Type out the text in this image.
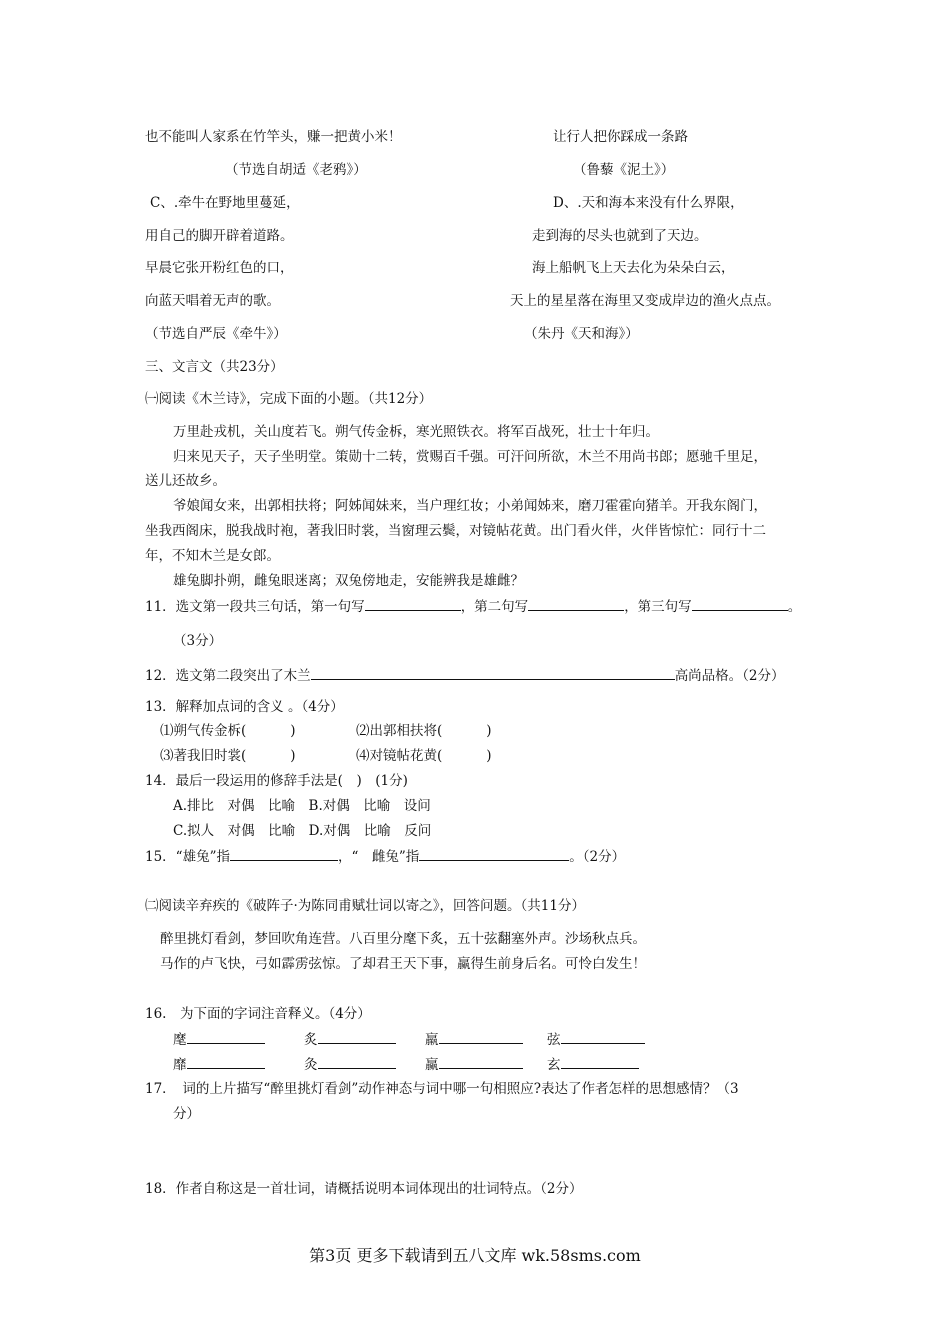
也不能叫人家系在竹竿头，赚一把黄小米！	让行人把你踩成一条路
（节选自胡适《老鸦》）	（鲁藜《泥土》）
C、.牵牛在野地里蔓延，
用自己的脚开辟着道路。
早晨它张开粉红色的口，
向蓝天唱着无声的歌。
（节选自严辰《牵牛》）
D、.天和海本来没有什么界限，
走到海的尽头也就到了天边。
海上船帆飞上天去化为朵朵白云，
天上的星星落在海里又变成岸边的渔火点点。
（朱丹《天和海》）
三、文言文（共23分）
㈠阅读《木兰诗》，完成下面的小题。（共12分）
万里赴戎机，关山度若飞。朔气传金柝，寒光照铁衣。将军百战死，壮士十年归。
归来见天子，天子坐明堂。策勋十二转，赏赐百千强。可汗问所欲，木兰不用尚书郎；愿驰千里足，
送儿还故乡。
爷娘闻女来，出郭相扶将；阿姊闻妹来，当户理红妆；小弟闻姊来，磨刀霍霍向猪羊。开我东阁门，
坐我西阁床，脱我战时袍，著我旧时裳，当窗理云鬓，对镜帖花黄。出门看火伴，火伴皆惊忙：同行十二
年，不知木兰是女郎。
雄兔脚扑朔，雌兔眼迷离；双兔傍地走，安能辨我是雄雌？
11．选文第一段共三句话，第一句写	，第二句写	，第三句写	。
（3分）
12．选文第二段突出了木兰	高尚品格。（2分）
13．解释加点词的含义 。（4分）
⑴朔气传金柝(	)	⑵出郭相扶将(	)
⑶著我旧时裳(	)	⑷对镜帖花黄(	)
14．最后一段运用的修辞手法是(　)　(1分)
A.排比　对偶　比喻　B.对偶　比喻　设问
C.拟人　对偶　比喻　D.对偶　比喻　反问
15．“雄兔”指	，“　雌兔”指	。（2分）
㈡阅读辛弃疾的《破阵子·为陈同甫赋壮词以寄之》，回答问题。（共11分）
醉里挑灯看剑，梦回吹角连营。八百里分麾下炙，五十弦翻塞外声。沙场秋点兵。
马作的卢飞快，弓如霹雳弦惊。了却君王天下事，赢得生前身后名。可怜白发生！
16.　为下面的字词注音释义。（4分）
麾	炙	羸	弦
靡	灸	赢	玄
17．　词的上片描写“醉里挑灯看剑”动作神态与词中哪一句相照应?表达了作者怎样的思想感情？（3
分）
18．作者自称这是一首壮词，请概括说明本词体现出的壮词特点。（2分）
第3页 更多下载请到五八文库 wk.58sms.com
